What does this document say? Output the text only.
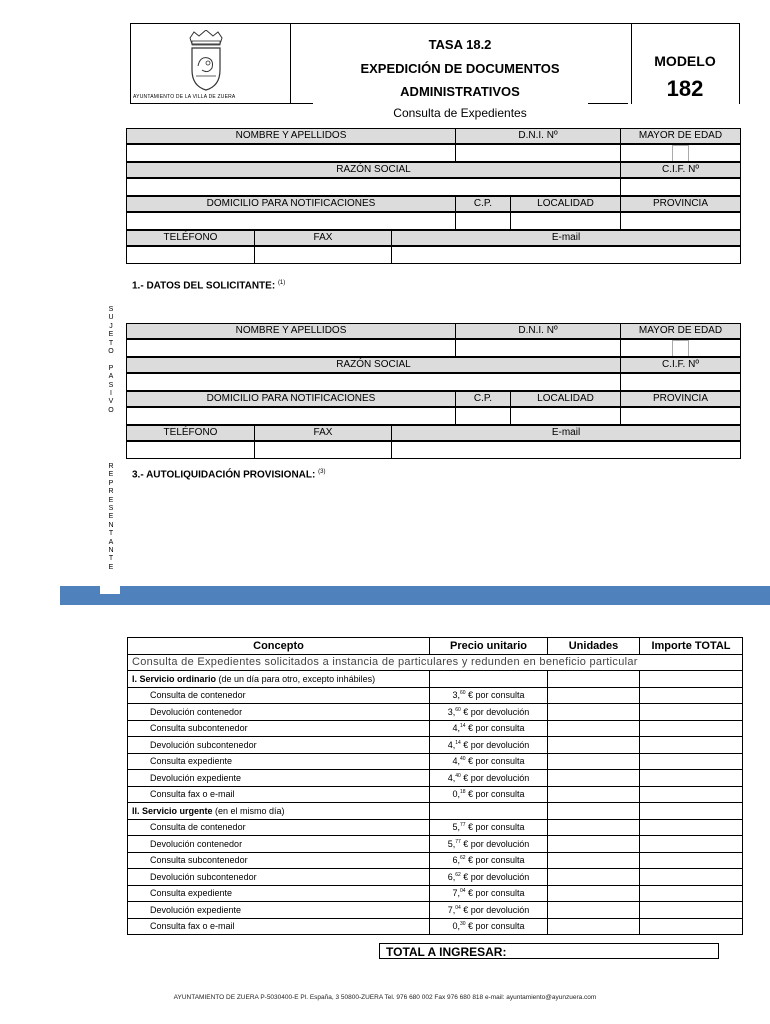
AYUNTAMIENTO DE LA VILLA DE ZUERA
TASA 18.2
EXPEDICIÓN DE DOCUMENTOS
ADMINISTRATIVOS
MODELO
182
Consulta de Expedientes
NOMBRE Y APELLIDOS	D.N.I. Nº	MAYOR DE EDAD
RAZÓN SOCIAL	C.I.F. Nº
DOMICILIO PARA NOTIFICACIONES	C.P.	LOCALIDAD	PROVINCIA
TELÉFONO	FAX	E-mail
NOMBRE Y APELLIDOS	D.N.I. Nº	MAYOR DE EDAD
RAZÓN SOCIAL	C.I.F. Nº
DOMICILIO PARA NOTIFICACIONES	C.P.	LOCALIDAD	PROVINCIA
TELÉFONO	FAX	E-mail
1.- DATOS DEL SOLICITANTE: $^{(1)}$
3.- AUTOLIQUIDACIÓN PROVISIONAL: $^{(3)}$
S
U
J
E
T
O
P
A
S
I
V
O
R
E
P
R
E
S
E
N
T
A
N
T
E
Concepto	Precio unitario	Unidades	Importe TOTAL
Consulta de Expedientes solicitados a instancia de particulares y redunden en beneficio particular			
I. Servicio ordinario (de un día para otro, excepto inhábiles)			
Consulta de contenedor	3,60 € por consulta		
Devolución contenedor	3,60 € por devolución		
Consulta subcontenedor	4,14 € por consulta		
Devolución subcontenedor	4,14 € por devolución		
Consulta expediente	4,40 € por consulta		
Devolución expediente	4,40 € por devolución		
Consulta fax o e-mail	0,18 € por consulta		
II. Servicio urgente (en el mismo día)			
Consulta de contenedor	5,77 € por consulta		
Devolución contenedor	5,77 € por devolución		
Consulta subcontenedor	6,62 € por consulta		
Devolución subcontenedor	6,62 € por devolución		
Consulta expediente	7,04 € por consulta		
Devolución expediente	7,04 € por devolución		
Consulta fax o e-mail	0,30 € por consulta		
TOTAL A INGRESAR:
AYUNTAMIENTO DE ZUERA P-5030400-E Pl. España, 3 50800-ZUERA Tel. 976 680 002 Fax 976 680 818 e-mail: ayuntamiento@ayunzuera.com
